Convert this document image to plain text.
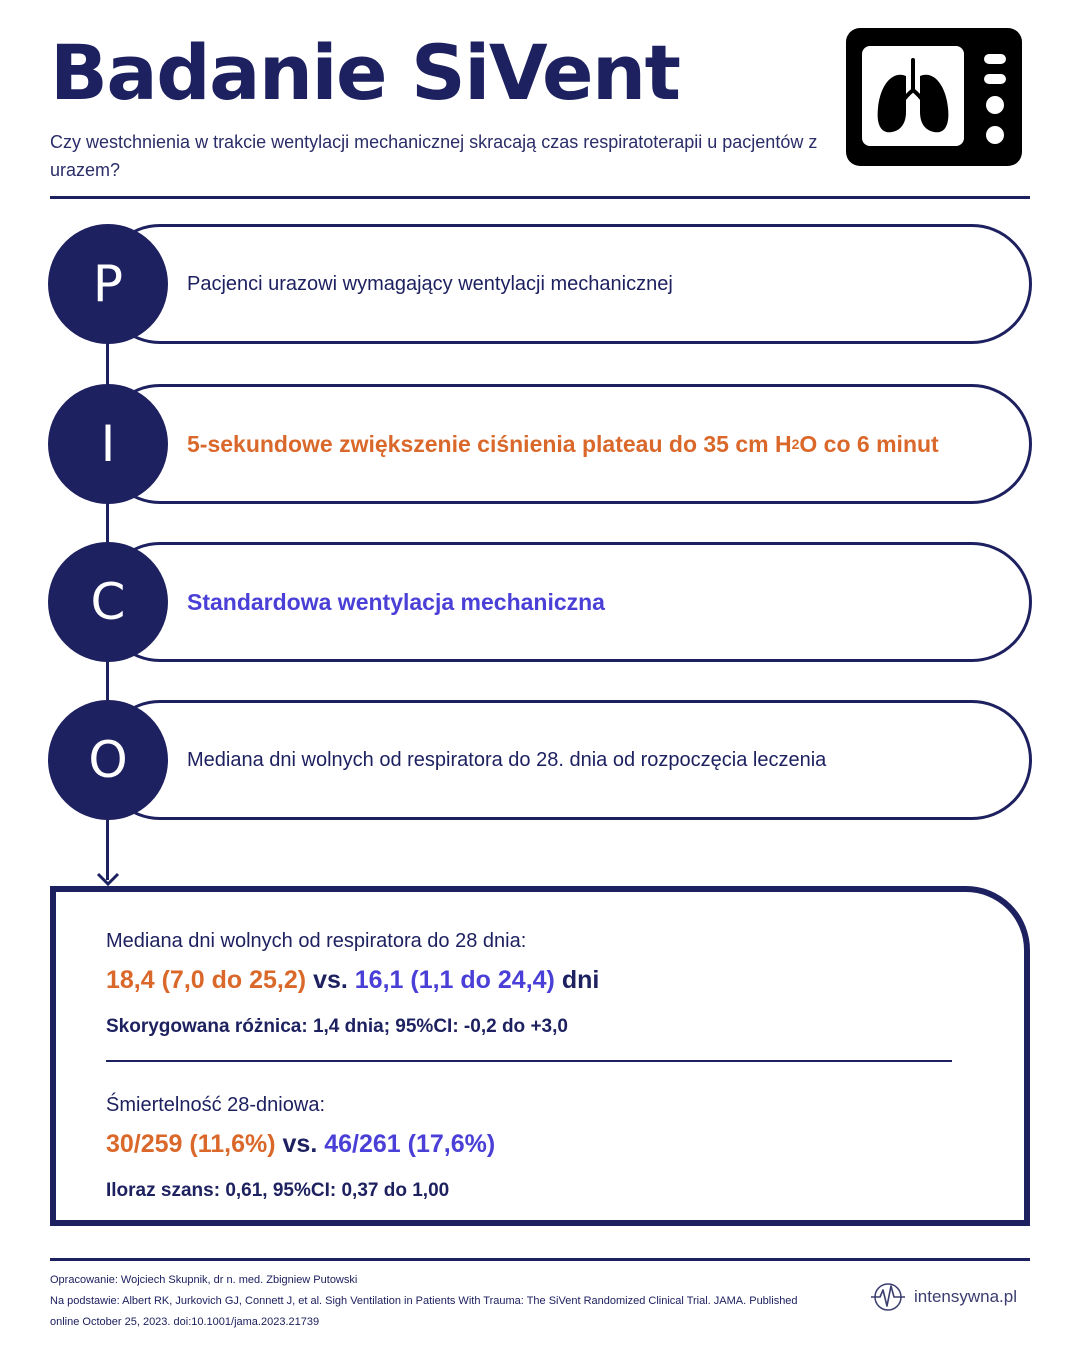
Badanie SiVent

Czy westchnienia w trakcie wentylacji mechanicznej skracają czas respiratoterapii u pacjentów z urazem?

Pacjenci urazowi wymagający wentylacji mechanicznej
P
5-sekundowe zwiększenie ciśnienia plateau do 35 cm H 2 O co 6 minut
I
Standardowa wentylacja mechaniczna
C
Mediana dni wolnych od respiratora do 28. dnia od rozpoczęcia leczenia
O
Mediana dni wolnych od respiratora do 28 dnia:
18,4 (7,0 do 25,2) vs. 16,1 (1,1 do 24,4) dni
Skorygowana różnica: 1,4 dnia; 95%CI: -0,2 do +3,0
Śmiertelność 28-dniowa:
30/259 (11,6%) vs. 46/261 (17,6%)
Iloraz szans: 0,61, 95%CI: 0,37 do 1,00
Opracowanie: Wojciech Skupnik, dr n. med. Zbigniew Putowski
Na podstawie: Albert RK, Jurkovich GJ, Connett J, et al. Sigh Ventilation in Patients With Trauma: The SiVent Randomized Clinical Trial. JAMA. Published
online October 25, 2023. doi:10.1001/jama.2023.21739
intensywna.pl
